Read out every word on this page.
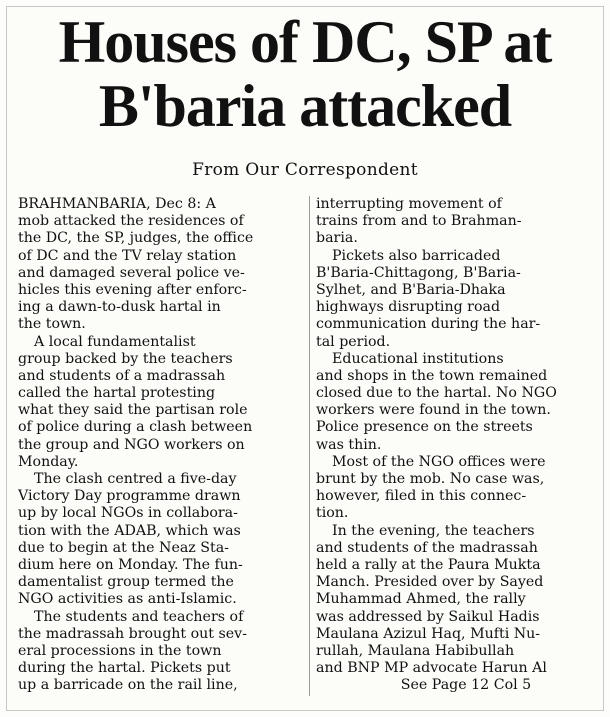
Houses of DC, SP at
B'baria attacked
From Our Correspondent
BRAHMANBARIA, Dec 8: A
mob attacked the residences of
the DC, the SP, judges, the office
of DC and the TV relay station
and damaged several police ve-
hicles this evening after enforc-
ing a dawn-to-dusk hartal in
the town.
A local fundamentalist
group backed by the teachers
and students of a madrassah
called the hartal protesting
what they said the partisan role
of police during a clash between
the group and NGO workers on
Monday.
The clash centred a five-day
Victory Day programme drawn
up by local NGOs in collabora-
tion with the ADAB, which was
due to begin at the Neaz Sta-
dium here on Monday. The fun-
damentalist group termed the
NGO activities as anti-Islamic.
The students and teachers of
the madrassah brought out sev-
eral processions in the town
during the hartal. Pickets put
up a barricade on the rail line,
interrupting movement of
trains from and to Brahman-
baria.
Pickets also barricaded
B'Baria-Chittagong, B'Baria-
Sylhet, and B'Baria-Dhaka
highways disrupting road
communication during the har-
tal period.
Educational institutions
and shops in the town remained
closed due to the hartal. No NGO
workers were found in the town.
Police presence on the streets
was thin.
Most of the NGO offices were
brunt by the mob. No case was,
however, filed in this connec-
tion.
In the evening, the teachers
and students of the madrassah
held a rally at the Paura Mukta
Manch. Presided over by Sayed
Muhammad Ahmed, the rally
was addressed by Saikul Hadis
Maulana Azizul Haq, Mufti Nu-
rullah, Maulana Habibullah
and BNP MP advocate Harun Al
See Page 12 Col 5
